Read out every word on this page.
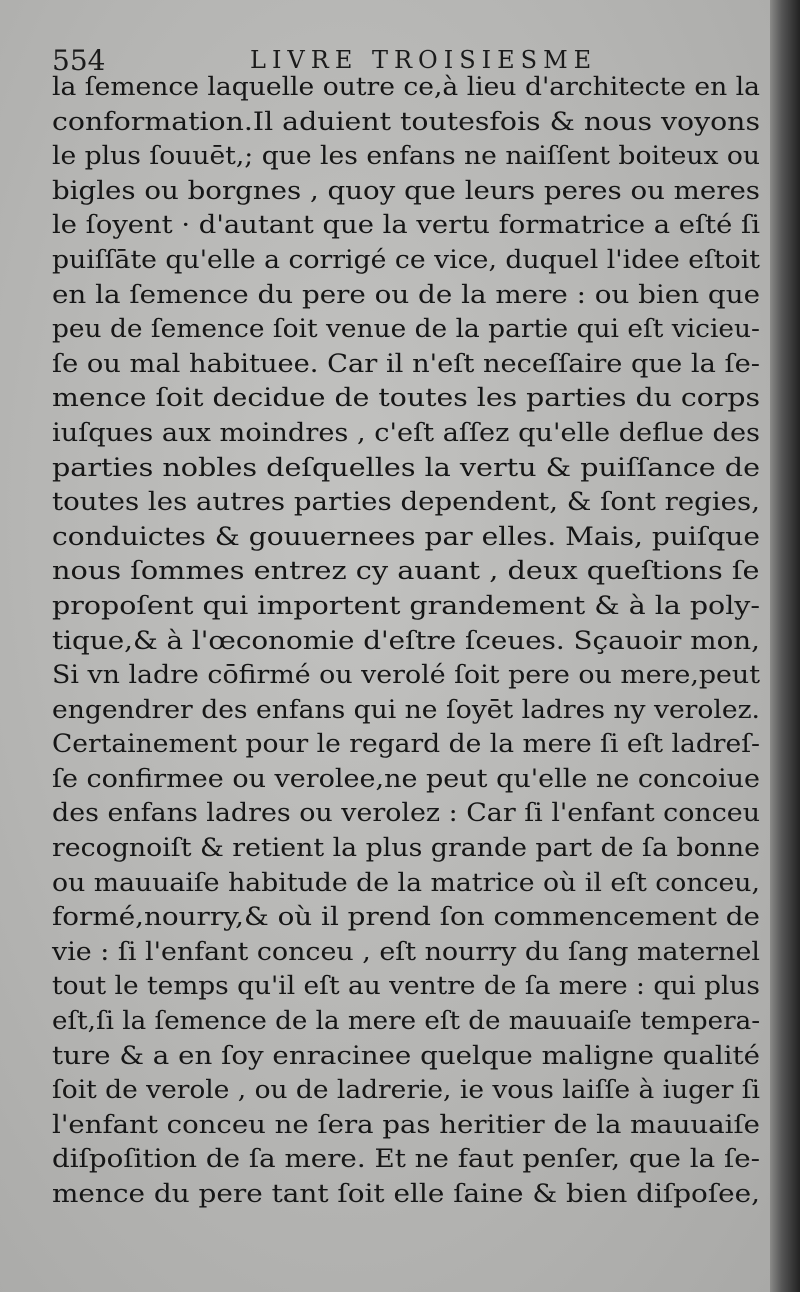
554	LIVRE TROISIESME
la ſemence laquelle outre ce,à lieu d'architecte en la
conformation.Il aduient toutesfois & nous voyons
le plus ſouuēt,; que les enfans ne naiſſent boiteux ou
bigles ou borgnes , quoy que leurs peres ou meres
le ſoyent · d'autant que la vertu formatrice a eſté ſi
puiſſāte qu'elle a corrigé ce vice, duquel l'idee eſtoit
en la ſemence du pere ou de la mere : ou bien que
peu de ſemence ſoit venue de la partie qui eſt vicieu-
ſe ou mal habituee. Car il n'eſt neceſſaire que la ſe-
mence ſoit decidue de toutes les parties du corps
iuſques aux moindres , c'eſt aſſez qu'elle deflue des
parties nobles deſquelles la vertu & puiſſance de
toutes les autres parties dependent, & ſont regies,
conduictes & gouuernees par elles. Mais, puiſque
nous ſommes entrez cy auant , deux queſtions ſe
propoſent qui importent grandement & à la poly-
tique,& à l'œconomie d'eſtre ſceues. Sçauoir mon,
Si vn ladre cōfirmé ou verolé ſoit pere ou mere,peut
engendrer des enfans qui ne ſoyēt ladres ny verolez.
Certainement pour le regard de la mere ſi eſt ladreſ-
ſe confirmee ou verolee,ne peut qu'elle ne concoiue
des enfans ladres ou verolez : Car ſi l'enfant conceu
recognoiſt & retient la plus grande part de ſa bonne
ou mauuaiſe habitude de la matrice où il eſt conceu,
formé,nourry,& où il prend ſon commencement de
vie : ſi l'enfant conceu , eſt nourry du ſang maternel
tout le temps qu'il eſt au ventre de ſa mere : qui plus
eſt,ſi la ſemence de la mere eſt de mauuaiſe tempera-
ture & a en ſoy enracinee quelque maligne qualité
ſoit de verole , ou de ladrerie, ie vous laiſſe à iuger ſi
l'enfant conceu ne ſera pas heritier de la mauuaiſe
diſpoſition de ſa mere. Et ne faut penſer, que la ſe-
mence du pere tant ſoit elle ſaine & bien diſpoſee,
